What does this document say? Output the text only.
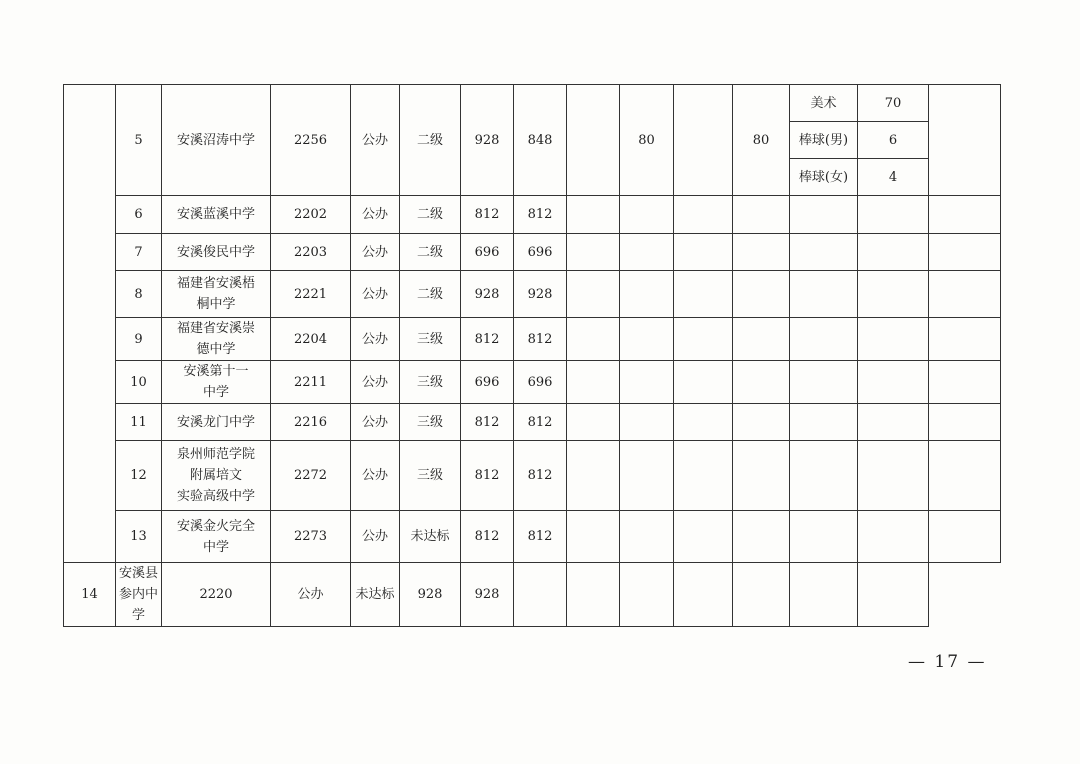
	5	安溪沼涛中学	2256	公办	二级	928	848		80		80	美术	70	
												棒球(男)	6	
												棒球(女)	4	
	6	安溪蓝溪中学	2202	公办	二级	812	812							
	7	安溪俊民中学	2203	公办	二级	696	696							
	8	福建省安溪梧
桐中学	2221	公办	二级	928	928							
	9	福建省安溪崇
德中学	2204	公办	三级	812	812							
	10	安溪第十一
中学	2211	公办	三级	696	696							
	11	安溪龙门中学	2216	公办	三级	812	812							
	12	泉州师范学院
附属培文
实验高级中学	2272	公办	三级	812	812							
	13	安溪金火完全
中学	2273	公办	未达标	812	812							
14	安溪县参内中
学	2220	公办	未达标	928	928								
— 17 —
